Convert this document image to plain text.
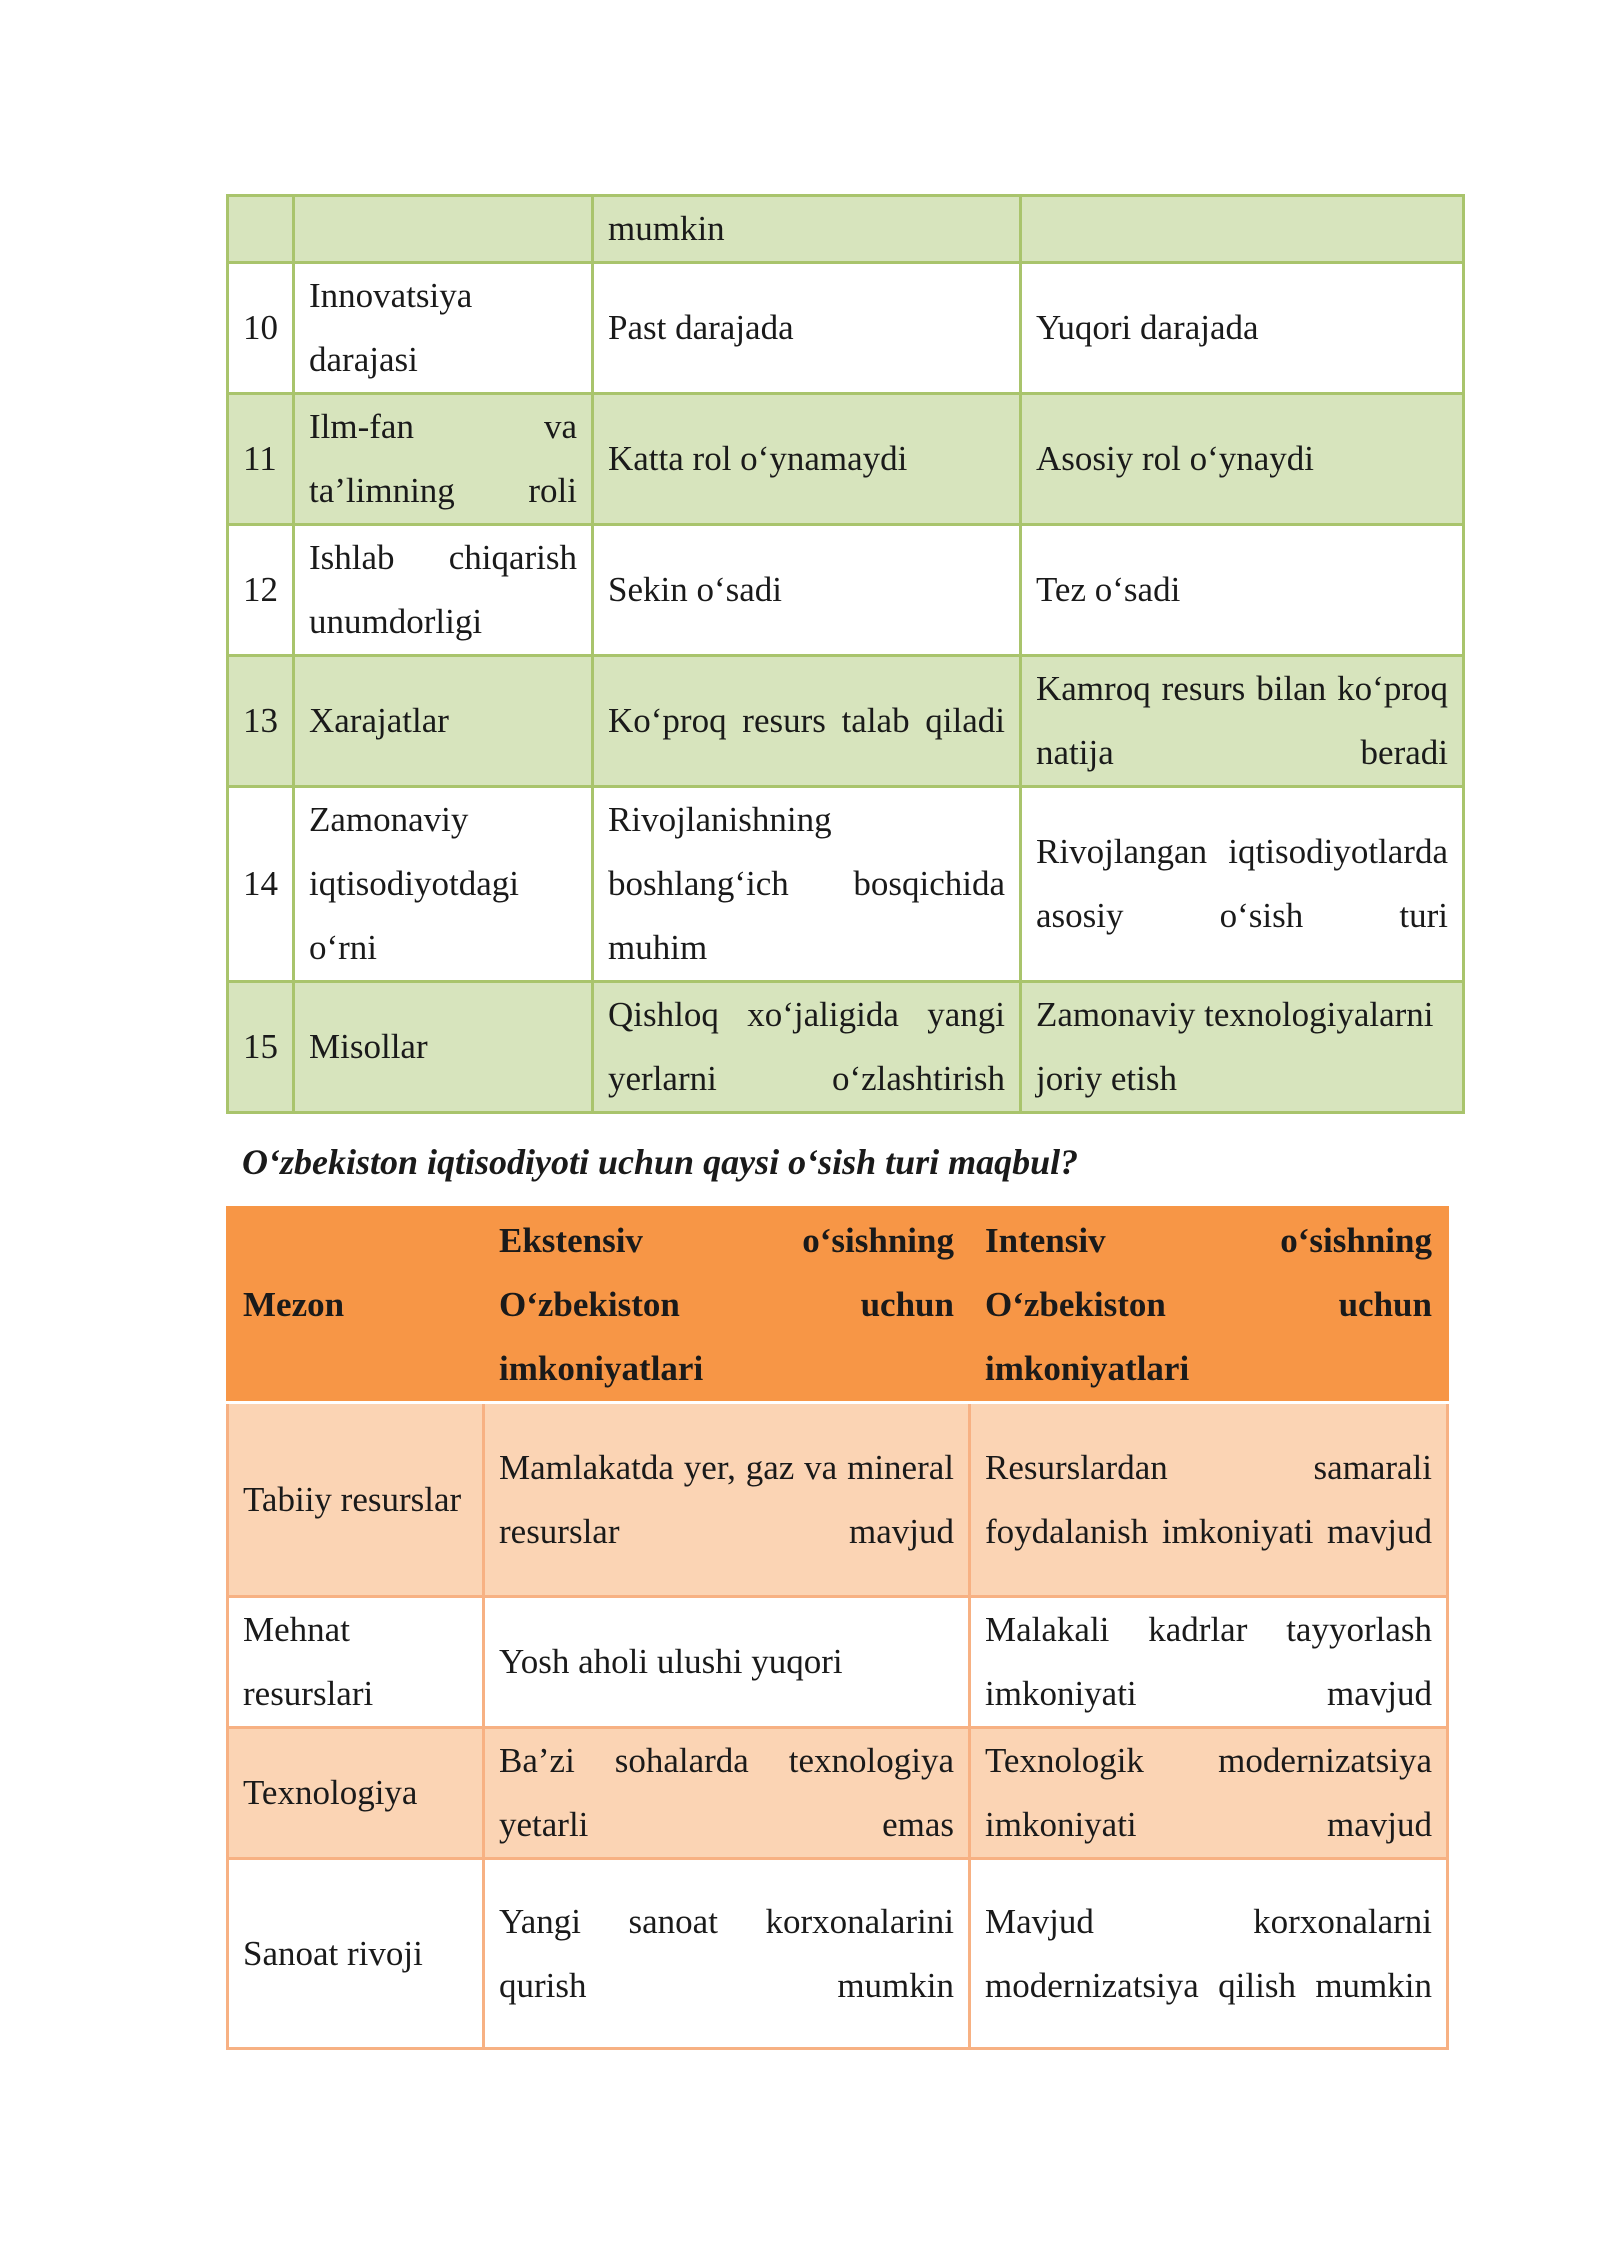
		mumkin	
10	Innovatsiya darajasi	Past darajada	Yuqori darajada
11	Ilm-fan va ta’limning roli	Katta rol o‘ynamaydi	Asosiy rol o‘ynaydi
12	Ishlab chiqarish unumdorligi	Sekin o‘sadi	Tez o‘sadi
13	Xarajatlar	Ko‘proq resurs talab qiladi	Kamroq resurs bilan ko‘proq natija beradi
14	Zamonaviy iqtisodiyotdagi o‘rni	Rivojlanishning boshlang‘ich bosqichida muhim	Rivojlangan iqtisodiyotlarda asosiy o‘sish turi
15	Misollar	Qishloq xo‘jaligida yangi yerlarni o‘zlashtirish	Zamonaviy texnologiyalarni joriy etish

O‘zbekiston iqtisodiyoti uchun qaysi o‘sish turi maqbul?

Mezon	Ekstensiv o‘sishning O‘zbekiston uchun imkoniyatlari	Intensiv o‘sishning O‘zbekiston uchun imkoniyatlari
Tabiiy resurslar	Mamlakatda yer, gaz va mineral resurslar mavjud	Resurslardan samarali foydalanish imkoniyati mavjud
Mehnat resurslari	Yosh aholi ulushi yuqori	Malakali kadrlar tayyorlash imkoniyati mavjud
Texnologiya	Ba’zi sohalarda texnologiya yetarli emas	Texnologik modernizatsiya imkoniyati mavjud
Sanoat rivoji	Yangi sanoat korxonalarini qurish mumkin	Mavjud korxonalarni modernizatsiya qilish mumkin
